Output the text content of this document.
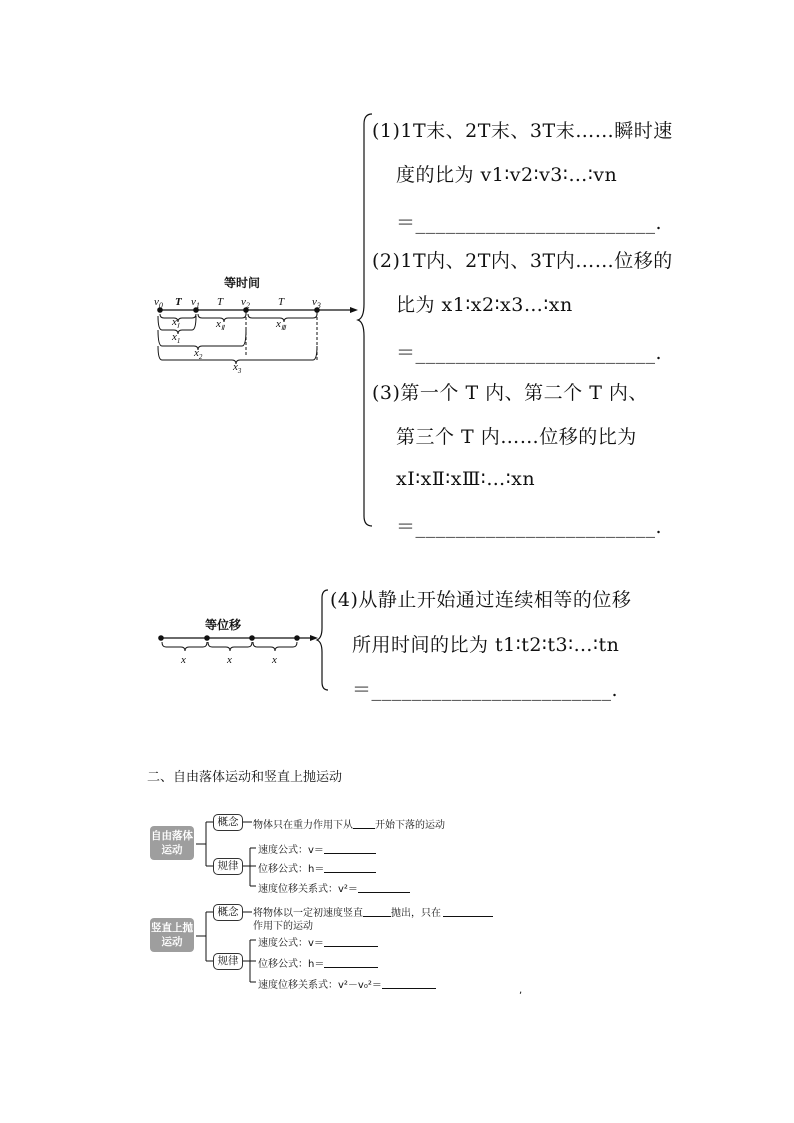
等时间
$v_0$ T $v_1$ T $v_2$	T	$v_3$
$x_Ⅰ$	$x_Ⅱ$	$x_Ⅲ$
$x_1$
$x_2$
$x_3$
(1)1T末、2T末、3T末……瞬时速
度的比为 v1∶v2∶v3∶…∶vn
＝________________________.
(2)1T内、2T内、3T内……位移的
比为 x1∶x2∶x3…∶xn
＝________________________.
(3)第一个 T 内、第二个 T 内、
第三个 T 内……位移的比为
xⅠ∶xⅡ∶xⅢ∶…∶xn
＝________________________.
等位移
x	x	x
(4)从静止开始通过连续相等的位移
所用时间的比为 t1∶t2∶t3∶…∶tn
＝________________________.
二、自由落体运动和竖直上抛运动
自由落体运动
概念	物体只在重力作用下从 开始下落的运动
规律
速度公式：v＝
位移公式：h＝
速度位移关系式：v²＝
竖直上抛运动
概念	将物体以一定初速度竖直	抛出，只在
作用下的运动
规律
速度公式：v＝
位移公式：h＝
速度位移关系式：v²－v₀²＝	,
